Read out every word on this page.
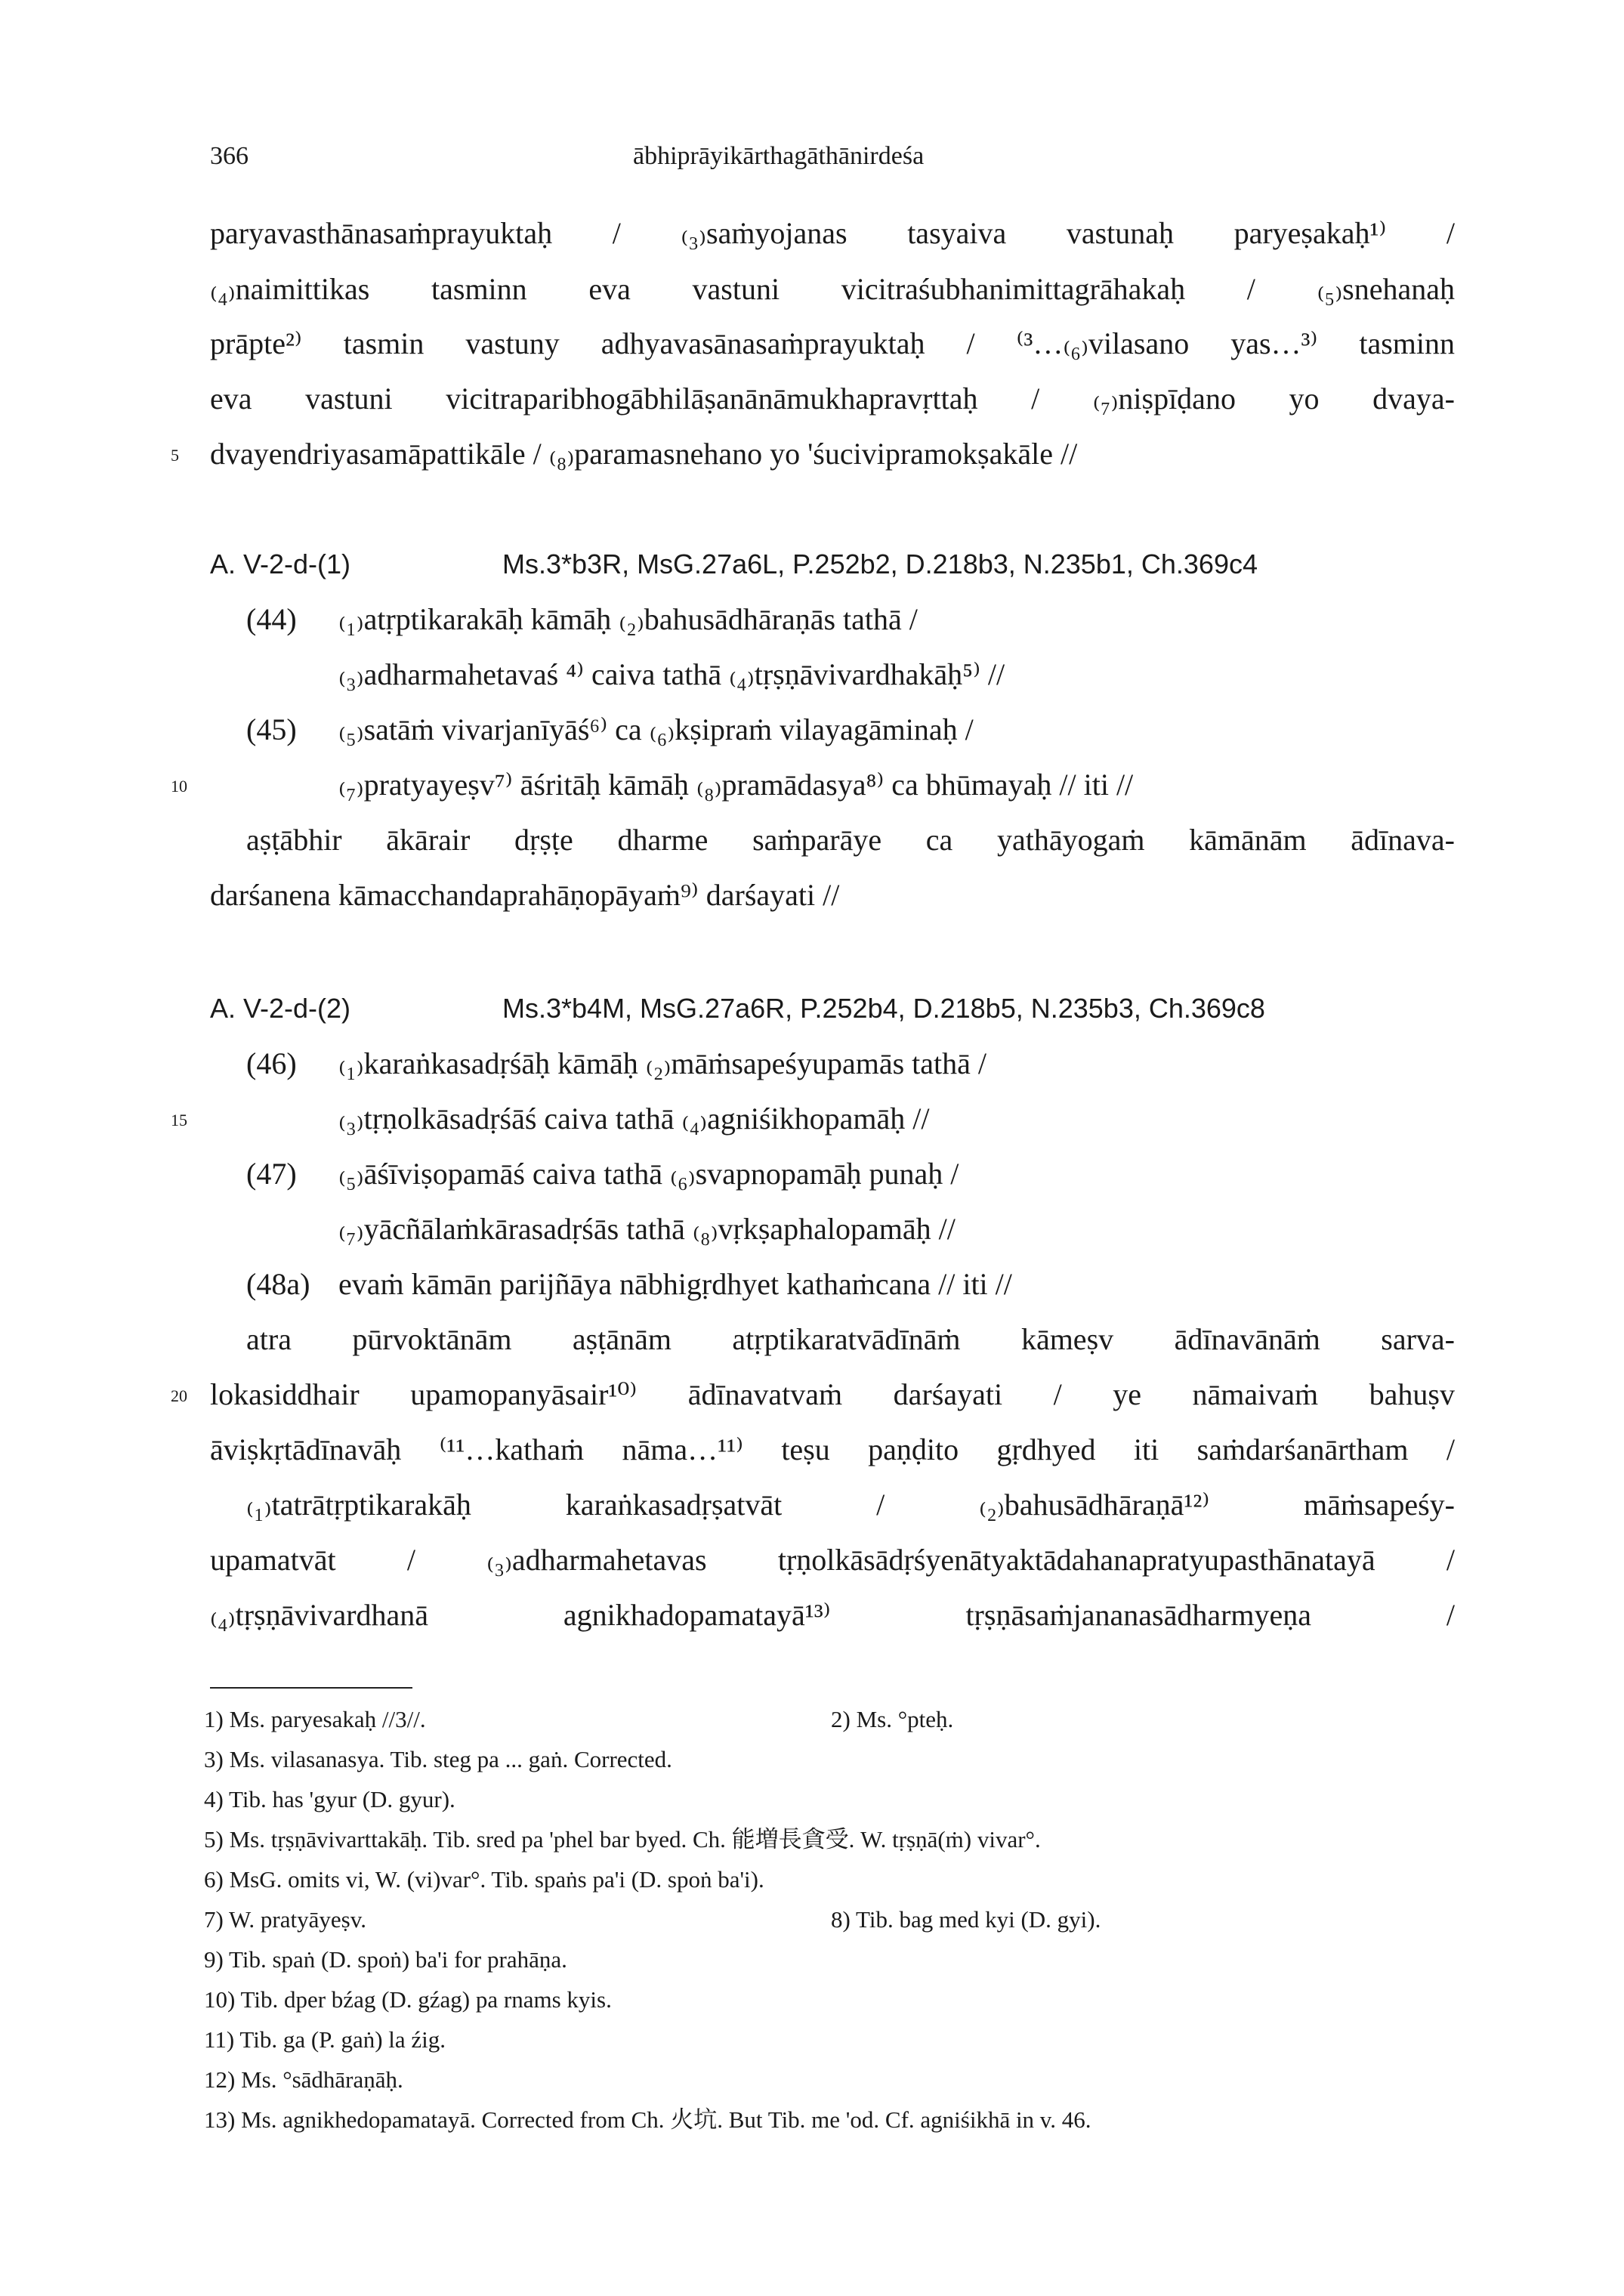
366	ābhiprāyikārthagāthānirdeśa
paryavasthānasaṁprayuktaḥ / ₍₃₎saṁyojanas tasyaiva vastunaḥ paryeṣakaḥ¹⁾ /
₍₄₎naimittikas tasminn eva vastuni vicitraśubhanimittagrāhakaḥ / ₍₅₎snehanaḥ
prāpte²⁾ tasmin vastuny adhyavasānasaṁprayuktaḥ / ⁽³…₍₆₎vilasano yas…³⁾ tasminn
eva vastuni vicitraparibhogābhilāṣanānāmukhapravṛttaḥ / ₍₇₎niṣpīḍano yo dvaya-
5 dvayendriyasamāpattikāle / ₍₈₎paramasnehano yo 'śucivipramokṣakāle //
A. V-2-d-(1)	Ms.3*b3R, MsG.27a6L, P.252b2, D.218b3, N.235b1, Ch.369c4
(44) ₍₁₎atṛptikarakāḥ kāmāḥ ₍₂₎bahusādhāraṇās tathā /
₍₃₎adharmahetavaś ⁴⁾ caiva tathā ₍₄₎tṛṣṇāvivardhakāḥ⁵⁾ //
(45) ₍₅₎satāṁ vivarjanīyāś⁶⁾ ca ₍₆₎kṣipraṁ vilayagāminaḥ /
10	₍₇₎pratyayeṣv⁷⁾ āśritāḥ kāmāḥ ₍₈₎pramādasya⁸⁾ ca bhūmayaḥ // iti //
aṣṭābhir ākārair dṛṣṭe dharme saṁparāye ca yathāyogaṁ kāmānām ādīnava-
darśanena kāmacchandaprahāṇopāyaṁ⁹⁾ darśayati //
A. V-2-d-(2)	Ms.3*b4M, MsG.27a6R, P.252b4, D.218b5, N.235b3, Ch.369c8
(46) ₍₁₎karaṅkasadṛśāḥ kāmāḥ ₍₂₎māṁsapeśyupamās tathā /
15	₍₃₎tṛṇolkāsadṛśāś caiva tathā ₍₄₎agniśikhopamāḥ //
(47) ₍₅₎āśīviṣopamāś caiva tathā ₍₆₎svapnopamāḥ punaḥ /
₍₇₎yācñālaṁkārasadṛśās tathā ₍₈₎vṛkṣaphalopamāḥ //
(48a) evaṁ kāmān parijñāya nābhigṛdhyet kathaṁcana // iti //
atra pūrvoktānām aṣṭānām atṛptikaratvādīnāṁ kāmeṣv ādīnavānāṁ sarva-
20 lokasiddhair upamopanyāsair¹⁰⁾ ādīnavatvaṁ darśayati / ye nāmaivaṁ bahuṣv
āviṣkṛtādīnavāḥ ⁽¹¹…kathaṁ nāma…¹¹⁾ teṣu paṇḍito gṛdhyed iti saṁdarśanārtham /
₍₁₎tatrātṛptikarakāḥ karaṅkasadṛṣatvāt / ₍₂₎bahusādhāraṇā¹²⁾ māṁsapeśy-
upamatvāt / ₍₃₎adharmahetavas tṛṇolkāsādṛśyenātyaktādahanapratyupasthānatayā /
₍₄₎tṛṣṇāvivardhanā agnikhadopamatayā¹³⁾ tṛṣṇāsaṁjananasādharmyeṇa /
1) Ms. paryesakaḥ //3//.	2) Ms. °pteḥ.
3) Ms. vilasanasya. Tib. steg pa ... gaṅ. Corrected.
4) Tib. has 'gyur (D. gyur).
5) Ms. tṛṣṇāvivarttakāḥ. Tib. sred pa 'phel bar byed. Ch. 能増長貪受. W. tṛṣṇā(ṁ) vivar°.
6) MsG. omits vi, W. (vi)var°. Tib. spaṅs pa'i (D. spoṅ ba'i).
7) W. pratyāyeṣv.	8) Tib. bag med kyi (D. gyi).
9) Tib. spaṅ (D. spoṅ) ba'i for prahāṇa.
10) Tib. dper bźag (D. gźag) pa rnams kyis.
11) Tib. ga (P. gaṅ) la źig.
12) Ms. °sādhāraṇāḥ.
13) Ms. agnikhedopamatayā. Corrected from Ch. 火坑. But Tib. me 'od. Cf. agniśikhā in v. 46.
